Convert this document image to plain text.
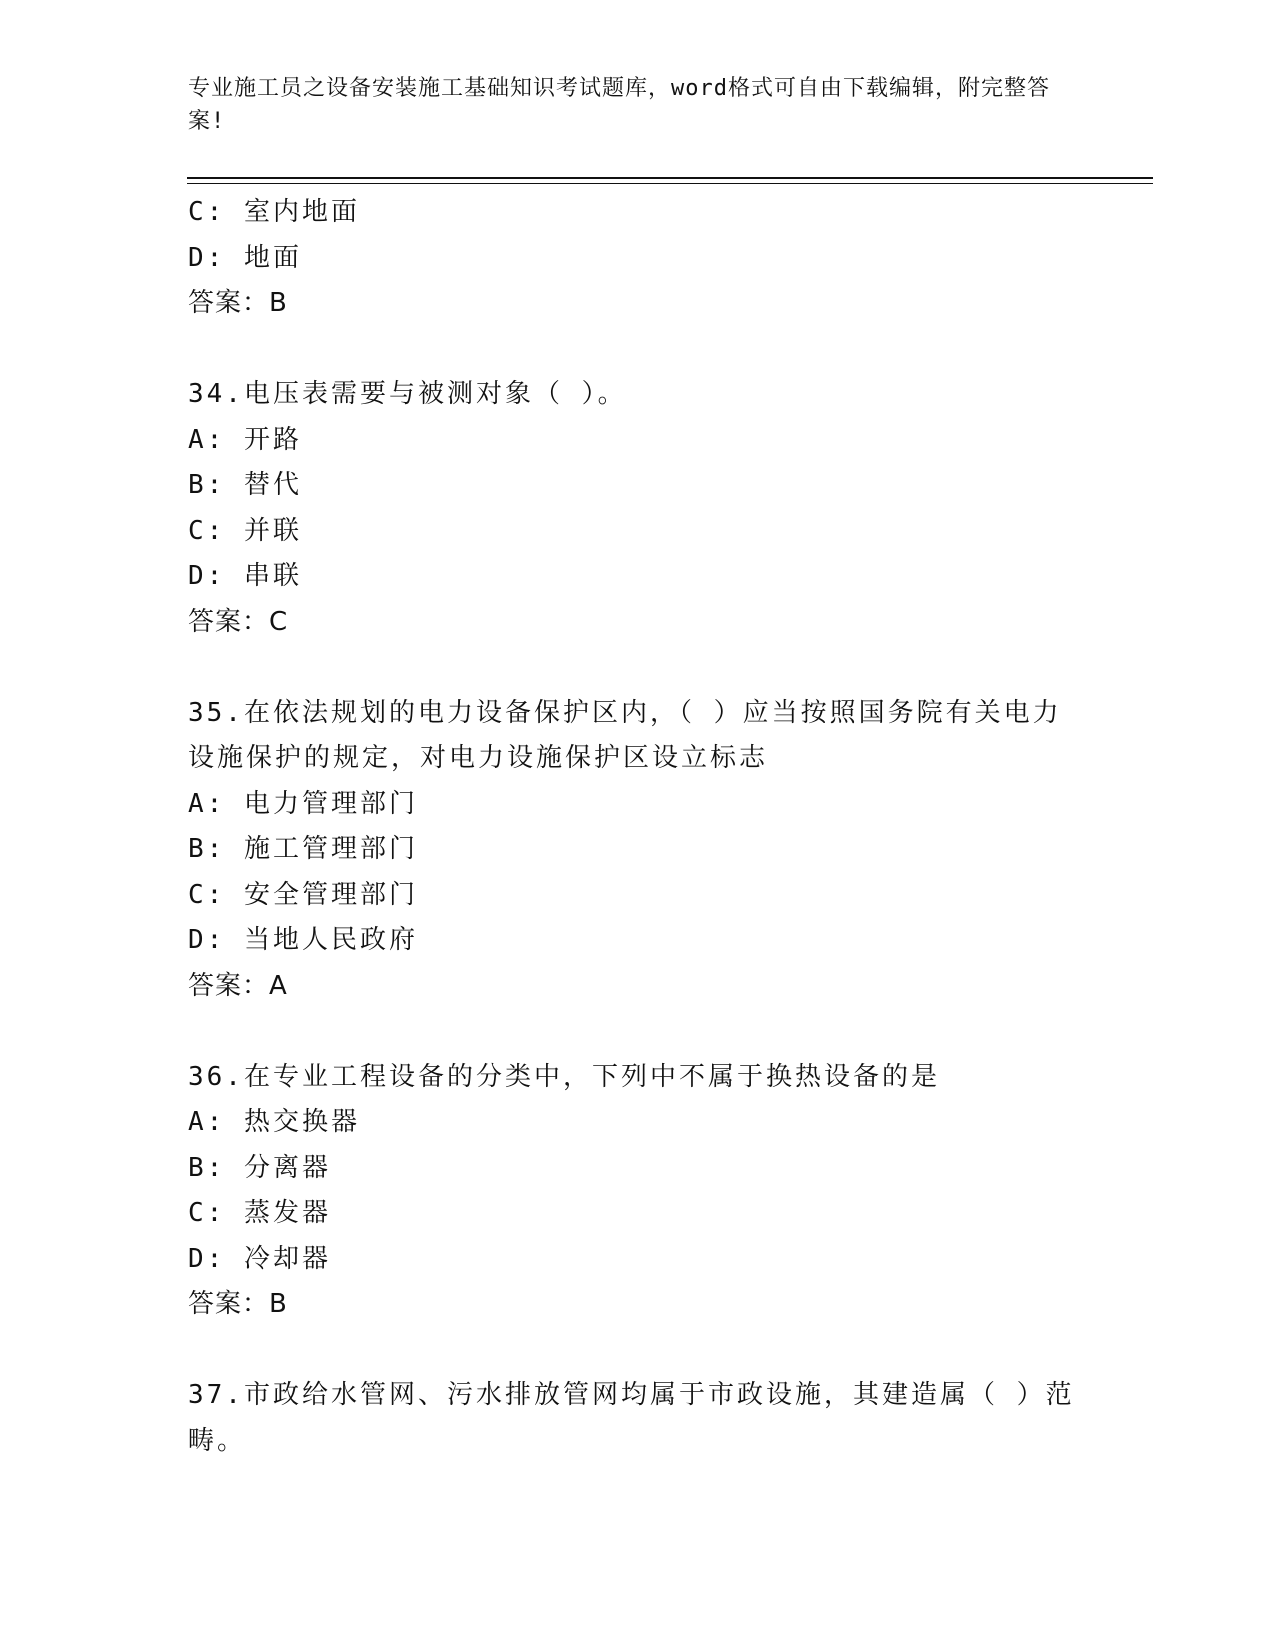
专业施工员之设备安装施工基础知识考试题库，word格式可自由下载编辑，附完整答案!
C: 室内地面
D: 地面
答案：B
34.电压表需要与被测对象（ ）。
A: 开路
B: 替代
C: 并联
D: 串联
答案：C
35.在依法规划的电力设备保护区内，（ ）应当按照国务院有关电力
设施保护的规定，对电力设施保护区设立标志
A: 电力管理部门
B: 施工管理部门
C: 安全管理部门
D: 当地人民政府
答案：A
36.在专业工程设备的分类中，下列中不属于换热设备的是
A: 热交换器
B: 分离器
C: 蒸发器
D: 冷却器
答案：B
37.市政给水管网、污水排放管网均属于市政设施，其建造属（ ）范
畴。
